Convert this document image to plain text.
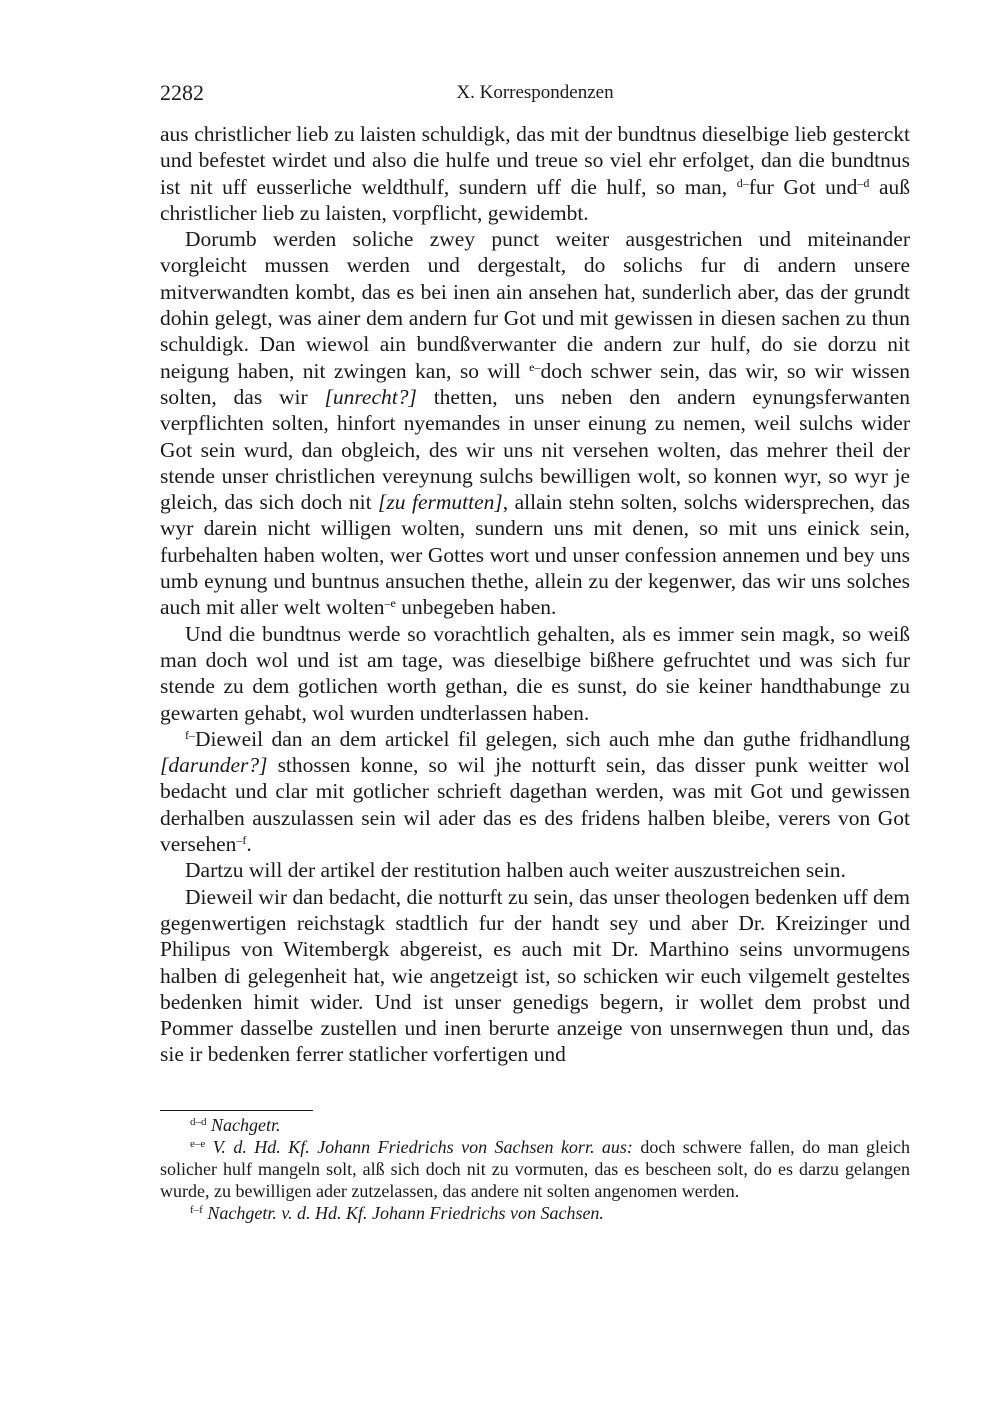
2282	X. Korrespondenzen

aus christlicher lieb zu laisten schuldigk, das mit der bundtnus dieselbige lieb gesterckt und befestet wirdet und also die hulfe und treue so viel ehr erfolget, dan die bundtnus ist nit uff eusserliche weldthulf, sundern uff die hulf, so man, $^{d-}$fur Got und$^{-d}$ auß christlicher lieb zu laisten, vorpflicht, gewidembt.

Dorumb werden soliche zwey punct weiter ausgestrichen und miteinander vorgleicht mussen werden und dergestalt, do solichs fur di andern unsere mitverwandten kombt, das es bei inen ain ansehen hat, sunderlich aber, das der grundt dohin gelegt, was ainer dem andern fur Got und mit gewissen in diesen sachen zu thun schuldigk. Dan wiewol ain bundßverwanter die andern zur hulf, do sie dorzu nit neigung haben, nit zwingen kan, so will $^{e-}$doch schwer sein, das wir, so wir wissen solten, das wir [unrecht?] thetten, uns neben den andern eynungsferwanten verpflichten solten, hinfort nyemandes in unser einung zu nemen, weil sulchs wider Got sein wurd, dan obgleich, des wir uns nit versehen wolten, das mehrer theil der stende unser christlichen vereynung sulchs bewilligen wolt, so konnen wyr, so wyr je gleich, das sich doch nit [zu fermutten], allain stehn solten, solchs widersprechen, das wyr darein nicht willigen wolten, sundern uns mit denen, so mit uns einick sein, furbehalten haben wolten, wer Gottes wort und unser confession annemen und bey uns umb eynung und buntnus ansuchen thethe, allein zu der kegenwer, das wir uns solches auch mit aller welt wolten$^{-e}$ unbegeben haben.

Und die bundtnus werde so vorachtlich gehalten, als es immer sein magk, so weiß man doch wol und ist am tage, was dieselbige bißhere gefruchtet und was sich fur stende zu dem gotlichen worth gethan, die es sunst, do sie keiner handthabunge zu gewarten gehabt, wol wurden undterlassen haben.

$^{f-}$Dieweil dan an dem artickel fil gelegen, sich auch mhe dan guthe fridhandlung [darunder?] sthossen konne, so wil jhe notturft sein, das disser punk weitter wol bedacht und clar mit gotlicher schrieft dagethan werden, was mit Got und gewissen derhalben auszulassen sein wil ader das es des fridens halben bleibe, verers von Got versehen$^{-f}$.

Dartzu will der artikel der restitution halben auch weiter auszustreichen sein.

Dieweil wir dan bedacht, die notturft zu sein, das unser theologen bedenken uff dem gegenwertigen reichstagk stadtlich fur der handt sey und aber Dr. Kreizinger und Philipus von Witembergk abgereist, es auch mit Dr. Marthino seins unvormugens halben di gelegenheit hat, wie angetzeigt ist, so schicken wir euch vilgemelt gesteltes bedenken himit wider. Und ist unser genedigs begern, ir wollet dem probst und Pommer dasselbe zustellen und inen berurte anzeige von unsernwegen thun und, das sie ir bedenken ferrer statlicher vorfertigen und

$^{d-d}$ Nachgetr.

$^{e-e}$ V. d. Hd. Kf. Johann Friedrichs von Sachsen korr. aus: doch schwere fallen, do man gleich solicher hulf mangeln solt, alß sich doch nit zu vormuten, das es bescheen solt, do es darzu gelangen wurde, zu bewilligen ader zutzelassen, das andere nit solten angenomen werden.

$^{f-f}$ Nachgetr. v. d. Hd. Kf. Johann Friedrichs von Sachsen.
